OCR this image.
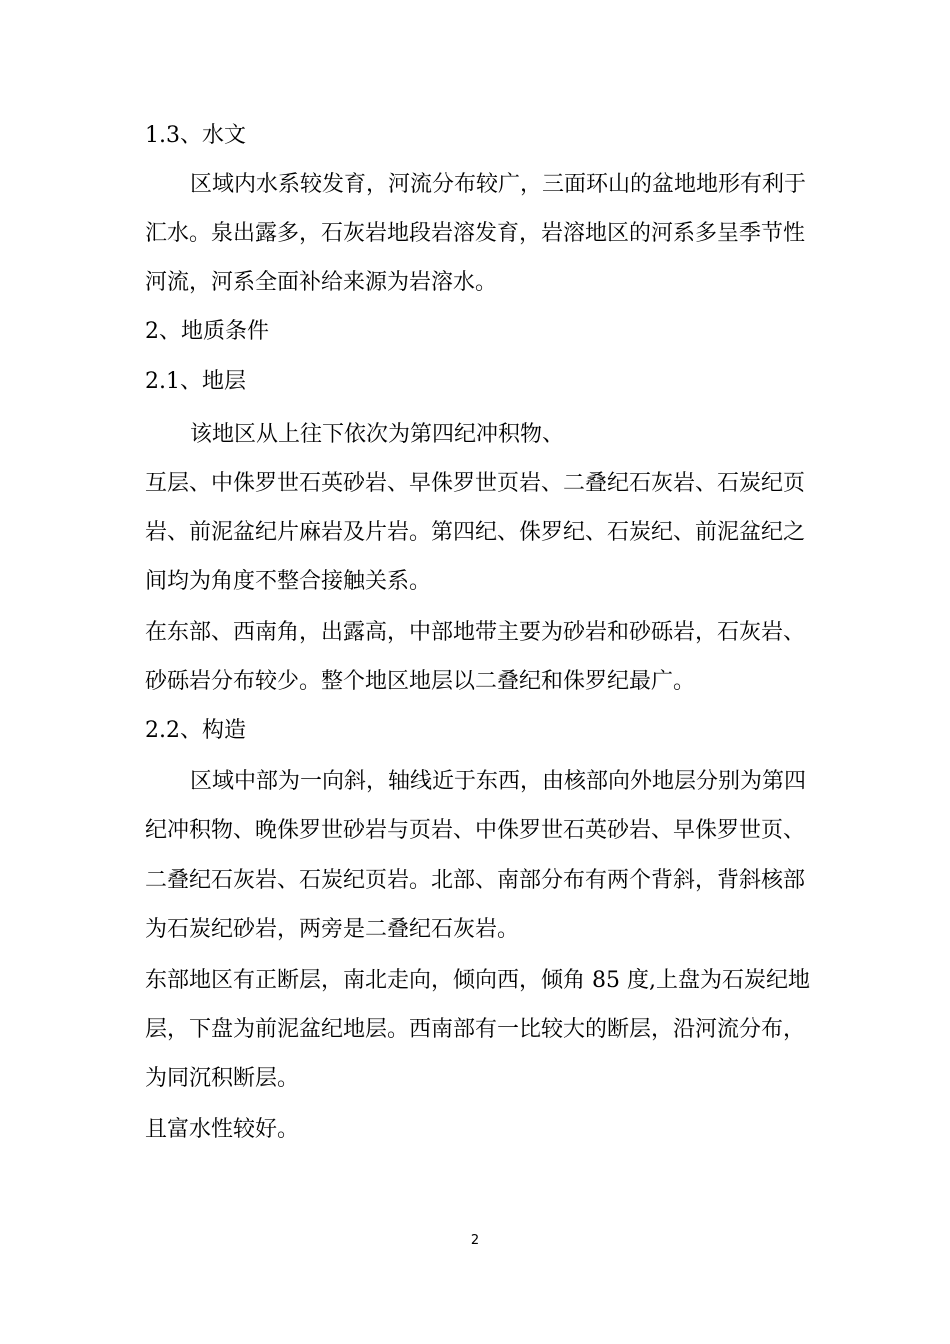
1.3、水文

区域内水系较发育，河流分布较广，三面环山的盆地地形有利于

汇水。泉出露多，石灰岩地段岩溶发育，岩溶地区的河系多呈季节性

河流，河系全面补给来源为岩溶水。

2、地质条件

2.1、地层

该地区从上往下依次为第四纪冲积物、

互层、中侏罗世石英砂岩、早侏罗世页岩、二叠纪石灰岩、石炭纪页

岩、前泥盆纪片麻岩及片岩。第四纪、侏罗纪、石炭纪、前泥盆纪之

间均为角度不整合接触关系。

在东部、西南角，出露高，中部地带主要为砂岩和砂砾岩，石灰岩、

砂砾岩分布较少。整个地区地层以二叠纪和侏罗纪最广。

2.2、构造

区域中部为一向斜，轴线近于东西，由核部向外地层分别为第四

纪冲积物、晚侏罗世砂岩与页岩、中侏罗世石英砂岩、早侏罗世页、

二叠纪石灰岩、石炭纪页岩。北部、南部分布有两个背斜，背斜核部

为石炭纪砂岩，两旁是二叠纪石灰岩。

东部地区有正断层，南北走向，倾向西，倾角 85 度,上盘为石炭纪地

层，下盘为前泥盆纪地层。西南部有一比较大的断层，沿河流分布，

为同沉积断层。

且富水性较好。

2
